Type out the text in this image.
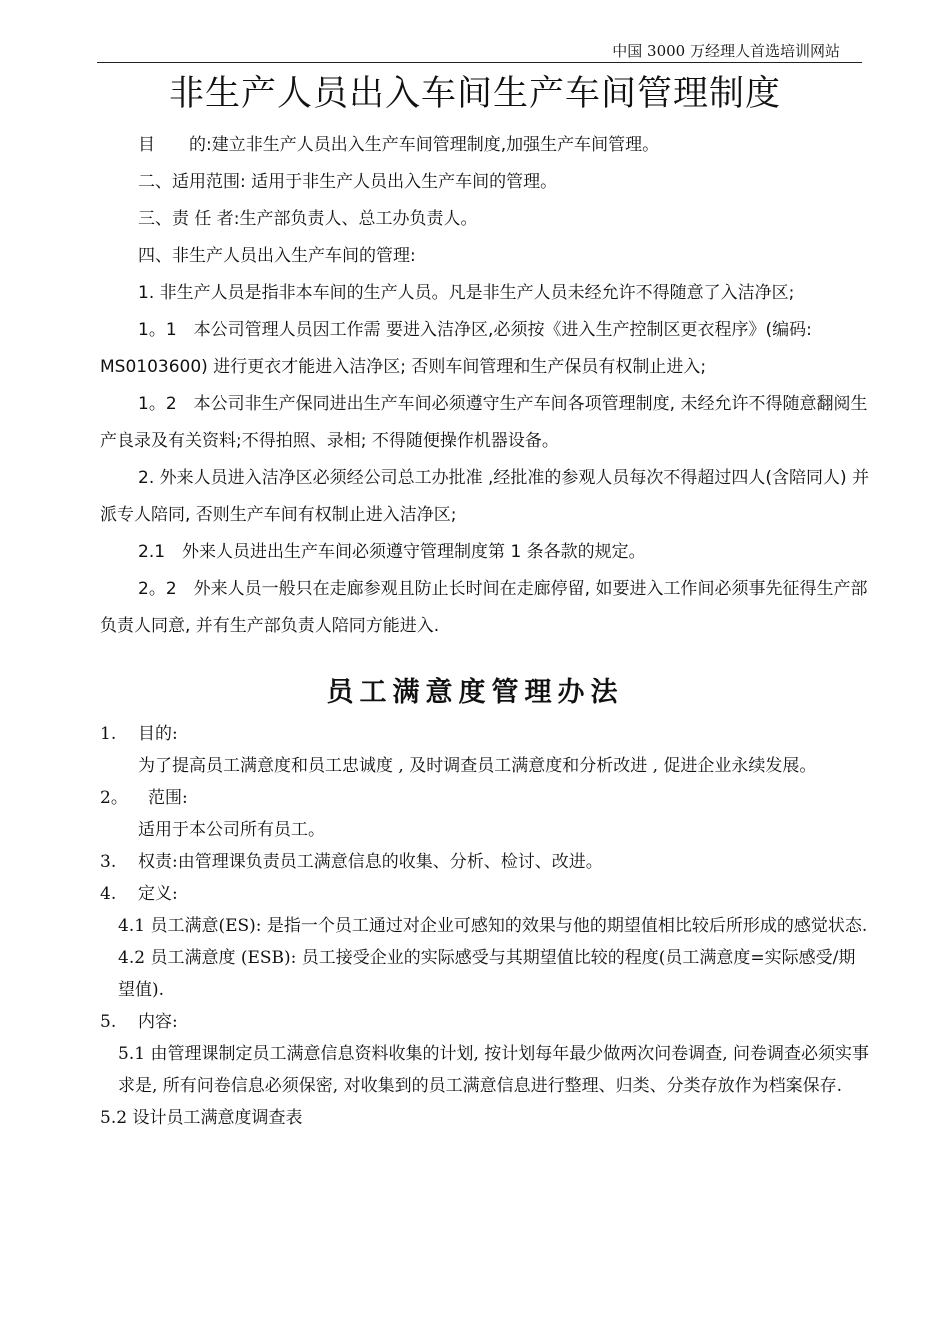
中国 3000 万经理人首选培训网站
非生产人员出入车间生产车间管理制度

目　　的:建立非生产人员出入生产车间管理制度,加强生产车间管理。

二、适用范围: 适用于非生产人员出入生产车间的管理。

三、责 任 者:生产部负责人、总工办负责人。

四、非生产人员出入生产车间的管理:

1. 非生产人员是指非本车间的生产人员。凡是非生产人员未经允许不得随意了入洁净区;

1。1　本公司管理人员因工作需 要进入洁净区,必须按《进入生产控制区更衣程序》(编码: MS0103600) 进行更衣才能进入洁净区; 否则车间管理和生产保员有权制止进入;

1。2　本公司非生产保同进出生产车间必须遵守生产车间各项管理制度, 未经允许不得随意翻阅生产良录及有关资料;不得拍照、录相; 不得随便操作机器设备。

2. 外来人员进入洁净区必须经公司总工办批准 ,经批准的参观人员每次不得超过四人(含陪同人) 并派专人陪同, 否则生产车间有权制止进入洁净区;

2.1　外来人员进出生产车间必须遵守管理制度第 1 条各款的规定。

2。2　外来人员一般只在走廊参观且防止长时间在走廊停留, 如要进入工作间必须事先征得生产部负责人同意, 并有生产部负责人陪同方能进入.

员工满意度管理办法

1. 目的:

为了提高员工满意度和员工忠诚度 , 及时调查员工满意度和分析改进 , 促进企业永续发展。

2。 范围:

适用于本公司所有员工。

3. 权责:由管理课负责员工满意信息的收集、分析、检讨、改进。

4. 定义:

4.1 员工满意(ES): 是指一个员工通过对企业可感知的效果与他的期望值相比较后所形成的感觉状态.

4.2 员工满意度 (ESB): 员工接受企业的实际感受与其期望值比较的程度(员工满意度=实际感受/期望值).

5. 内容:

5.1 由管理课制定员工满意信息资料收集的计划, 按计划每年最少做两次问卷调查, 问卷调查必须实事求是, 所有问卷信息必须保密, 对收集到的员工满意信息进行整理、归类、分类存放作为档案保存.

5.2 设计员工满意度调查表
